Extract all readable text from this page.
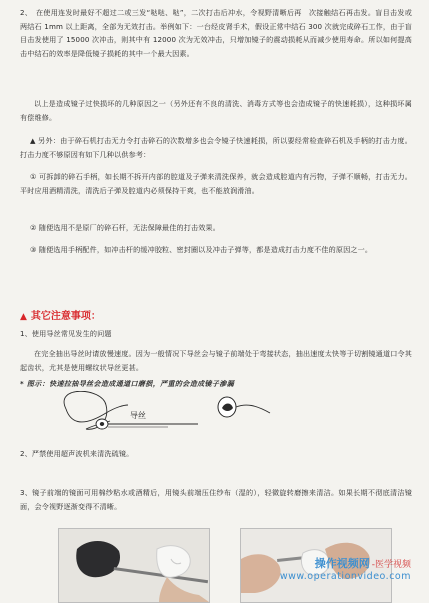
2、　在使用连发时最好不超过二或三发“哒哒、哒”，二次打击后冲水，令视野清晰后再　次接触结石再击发。盲目击发或两结石 1mm 以上距离，全部为无效打击。举例如下：一台经皮肾手术，假设正常中结石 300 次就完成碎石工作，由于盲目击发使用了 15000 次冲击，则其中有 12000 次为无效冲击，只增加镜子的震动损耗从而减少使用寿命。所以如何提高击中结石的效率是降低镜子损耗的其中一个最大因素。

以上是造成镜子过快损坏的几种原因之一（另外还有不良的清洗、消毒方式等也会造成镜子的快速耗损），这种损坏属有偿维修。

▲ 另外：由于碎石机打击无力令打击碎石的次数增多也会令镜子快速耗损，所以要经常检查碎石机及手柄的打击力度。打击力度不够原因有如下几种以供参考：

① 可拆卸的碎石手柄，如长期不拆开内部的腔道及子弹来清洗保养，就会造成腔道内有污物，子弹不顺畅，打击无力。平时应用酒精清洗，清洗后子弹及腔道内必须保持干爽，也不能放润滑油。

② 随便选用不是原厂的碎石杆，无法保障最佳的打击效果。

③ 随便选用手柄配件，如冲击杆的缓冲胶粒、密封圈以及冲击子弹等，都是造成打击力度不佳的原因之一。

▲ 其它注意事项：

1、使用导丝常见发生的问题

在完全抽出导丝时请放慢速度。因为一般情况下导丝会与镜子前端处于弯接状态，抽出速度太快等于切割镜通道口令其起齿状，尤其是使用螺纹状导丝更甚。

* 图示：快速拉抽导丝会造成通道口磨损，严重的会造成镜子渗漏
导丝

2、严禁使用超声波机来清洗硫镜。

3、镜子前端的镜面可用棉纱粘水或酒精后，用镜头前端压住纱布（湿的），轻微旋转磨擦来清洁。如果长期不彻底清洁镜面，会令视野逐渐变得不清晰。

操作视频网 -医学视频
www.operationvideo.com
